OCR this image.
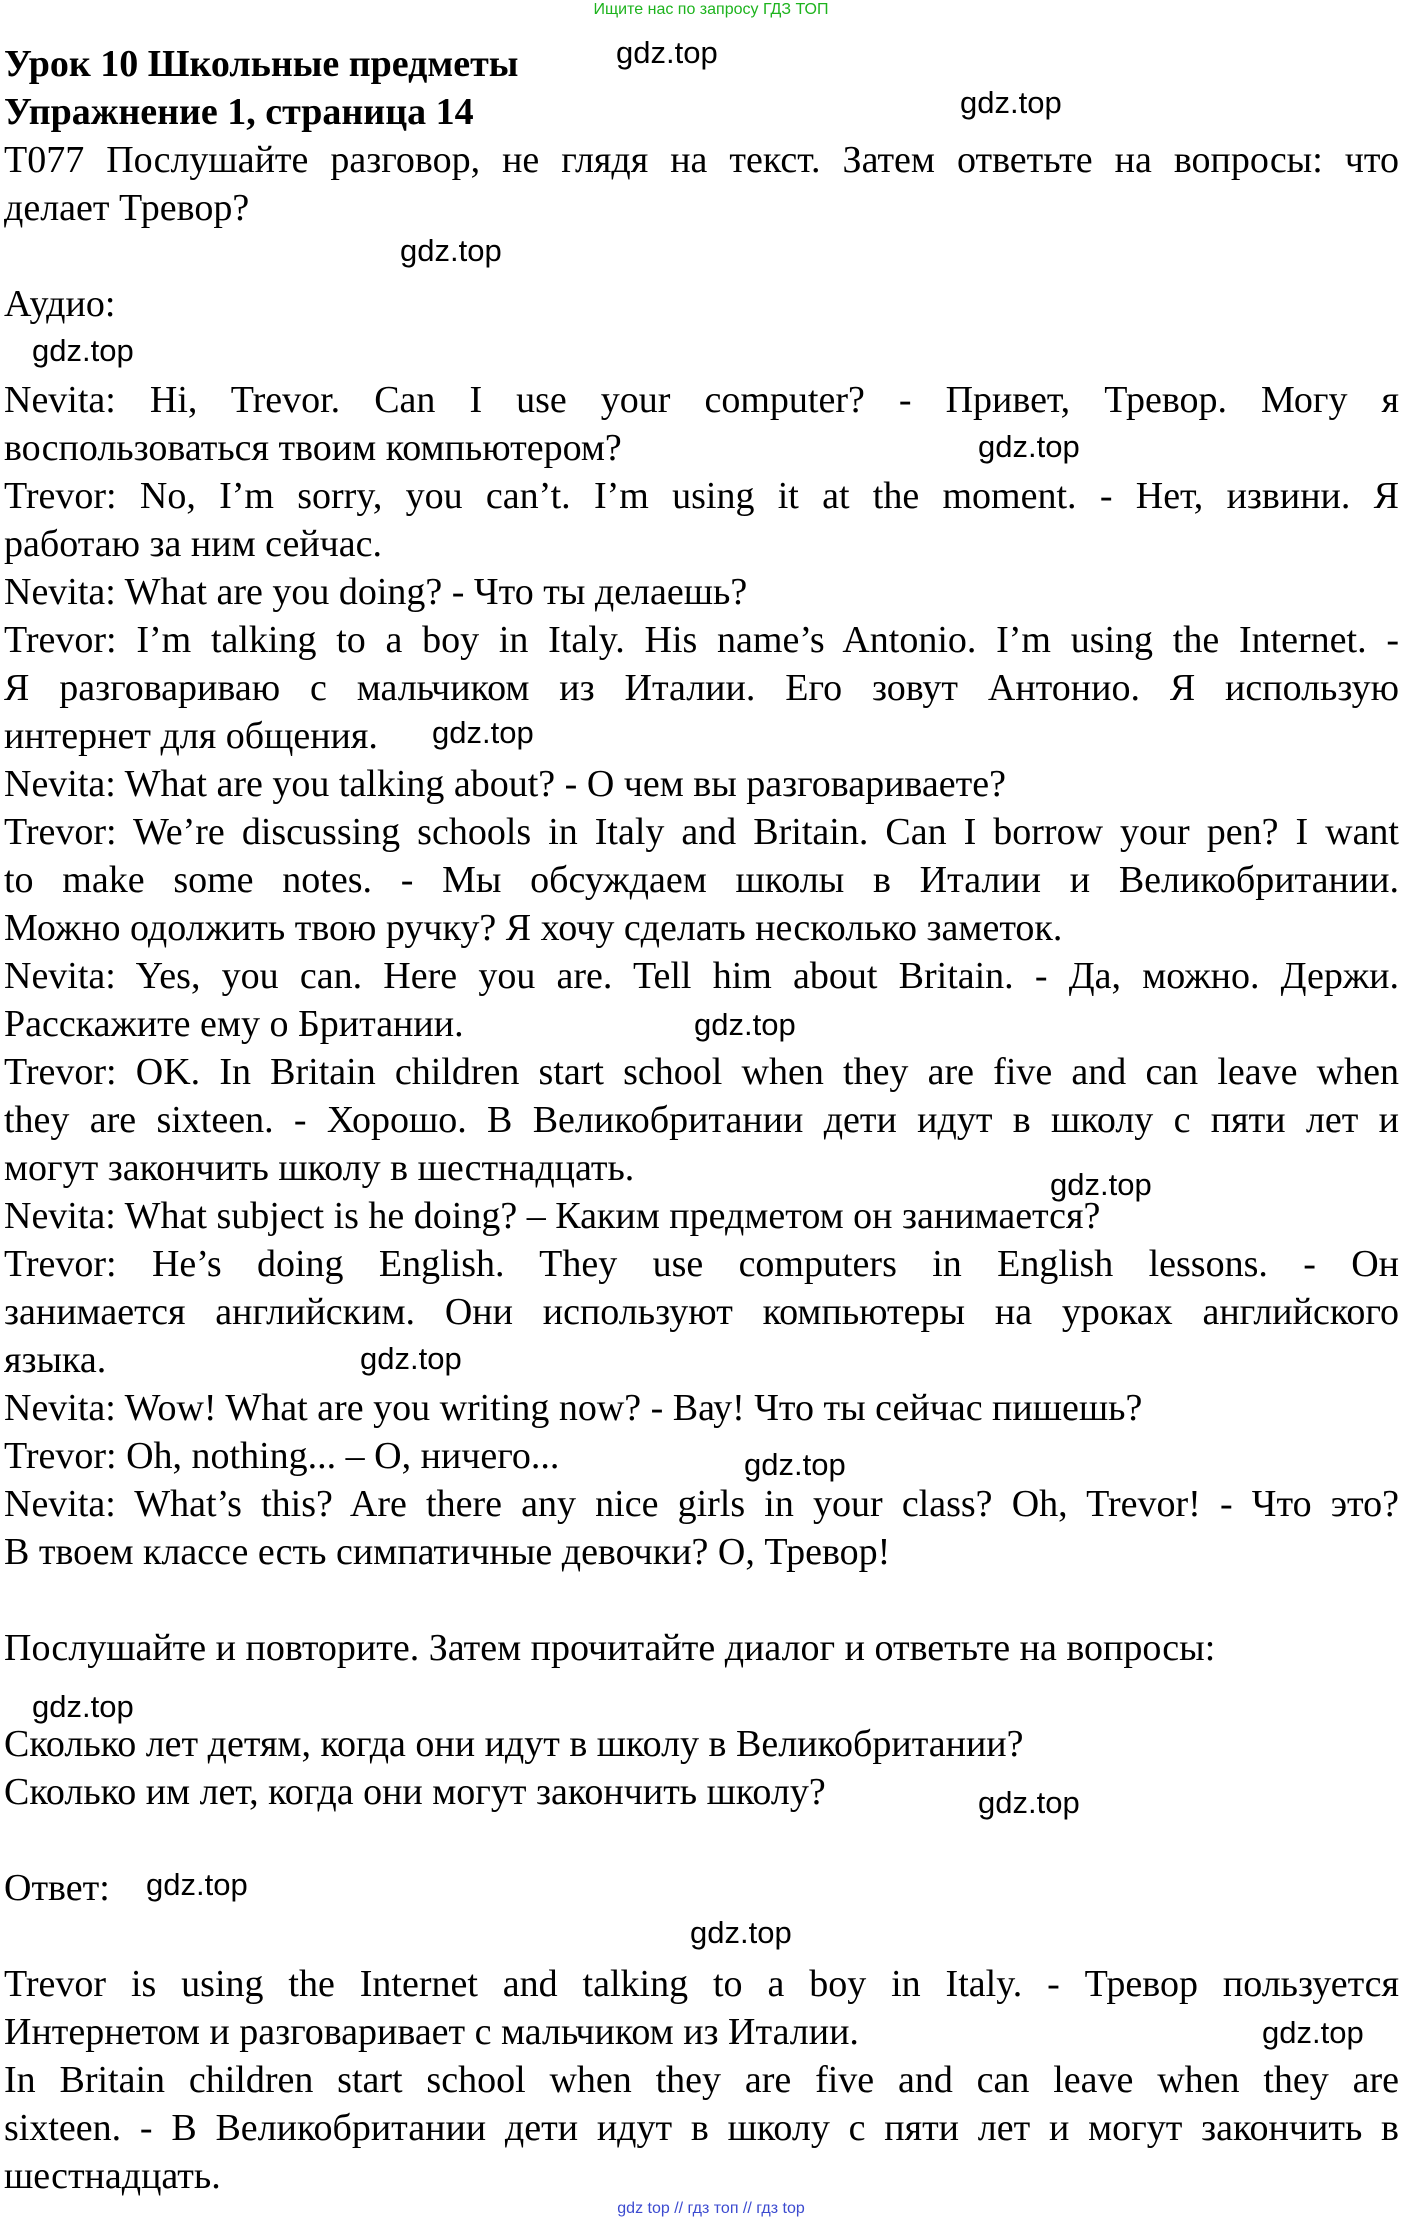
Ищите нас по запросу ГДЗ ТОП
Урок 10 Школьные предметы
Упражнение 1, страница 14
Т077 Послушайте разговор, не глядя на текст. Затем ответьте на вопросы: что
делает Тревор?
Аудио:
Nevita: Hi, Trevor. Can I use your computer? - Привет, Тревор. Могу я
воспользоваться твоим компьютером?
Trevor: No, I’m sorry, you can’t. I’m using it at the moment. - Нет, извини. Я
работаю за ним сейчас.
Nevita: What are you doing? - Что ты делаешь?
Trevor: I’m talking to a boy in Italy. His name’s Antonio. I’m using the Internet. -
Я разговариваю с мальчиком из Италии. Его зовут Антонио. Я использую
интернет для общения.
Nevita: What are you talking about? - О чем вы разговариваете?
Trevor: We’re discussing schools in Italy and Britain. Can I borrow your pen? I want
to make some notes. - Мы обсуждаем школы в Италии и Великобритании.
Можно одолжить твою ручку? Я хочу сделать несколько заметок.
Nevita: Yes, you can. Here you are. Tell him about Britain. - Да, можно. Держи.
Расскажите ему о Британии.
Trevor: OK. In Britain children start school when they are five and can leave when
they are sixteen. - Хорошо. В Великобритании дети идут в школу с пяти лет и
могут закончить школу в шестнадцать.
Nevita: What subject is he doing? – Каким предметом он занимается?
Trevor: He’s doing English. They use computers in English lessons. - Он
занимается английским. Они используют компьютеры на уроках английского
языка.
Nevita: Wow! What are you writing now? - Вау! Что ты сейчас пишешь?
Trevor: Oh, nothing... – О, ничего...
Nevita: What’s this? Are there any nice girls in your class? Oh, Trevor! - Что это?
В твоем классе есть симпатичные девочки? О, Тревор!
Послушайте и повторите. Затем прочитайте диалог и ответьте на вопросы:
Сколько лет детям, когда они идут в школу в Великобритании?
Сколько им лет, когда они могут закончить школу?
Ответ:
Trevor is using the Internet and talking to a boy in Italy. - Тревор пользуется
Интернетом и разговаривает с мальчиком из Италии.
In Britain children start school when they are five and can leave when they are
sixteen. - В Великобритании дети идут в школу с пяти лет и могут закончить в
шестнадцать.
gdz.top
gdz.top
gdz.top
gdz.top
gdz.top
gdz.top
gdz.top
gdz.top
gdz.top
gdz.top
gdz.top
gdz.top
gdz.top
gdz.top
gdz.top
gdz top // гдз топ // гдз top
